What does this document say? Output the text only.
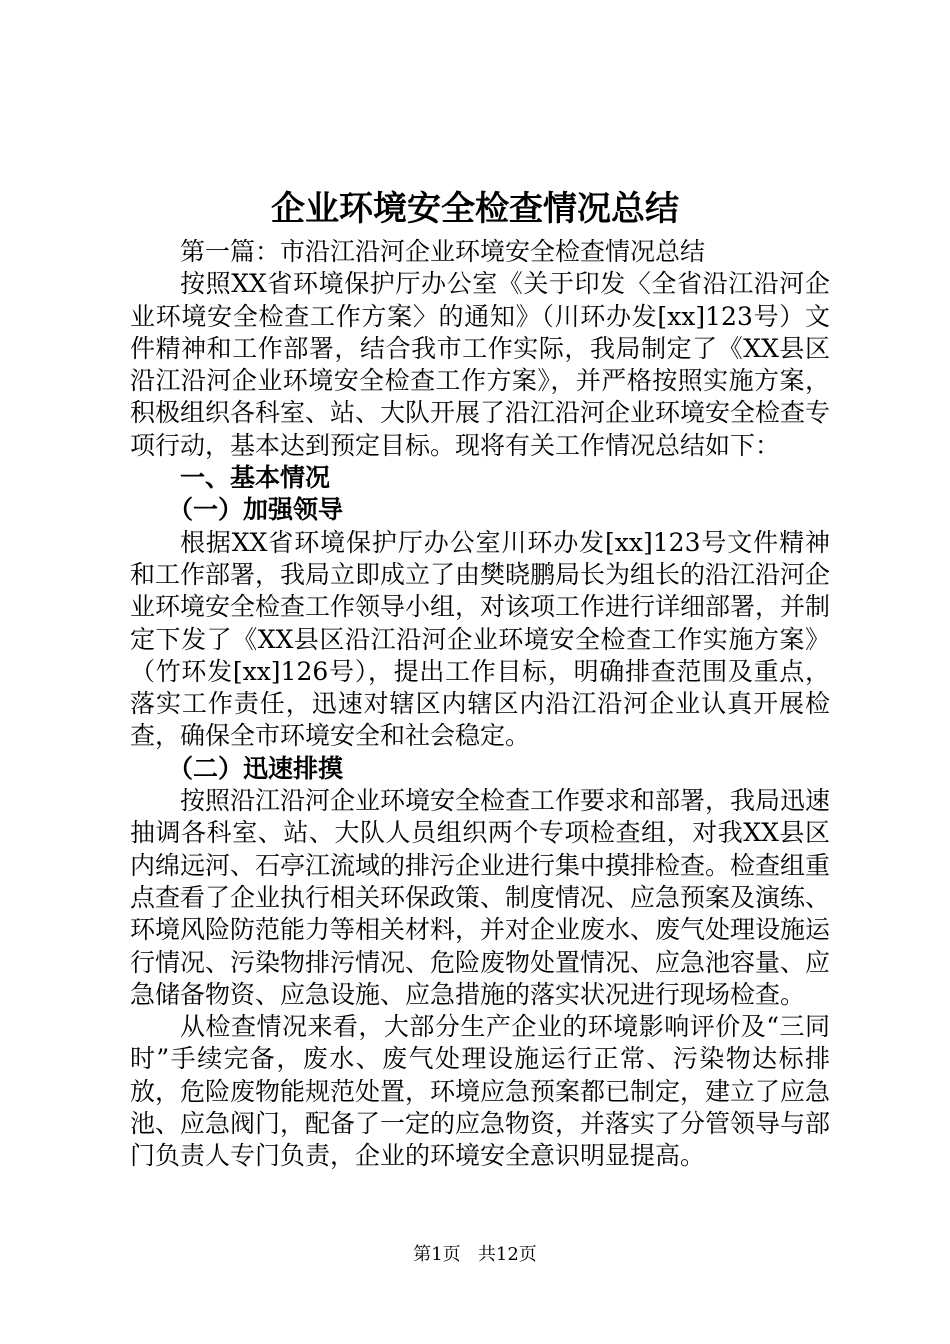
企业环境安全检查情况总结

第一篇：市沿江沿河企业环境安全检查情况总结

按照XX省环境保护厅办公室《关于印发〈全省沿江沿河企业环境安全检查工作方案〉的通知》（川环办发[xx]123号）文件精神和工作部署，结合我市工作实际，我局制定了《XX县区沿江沿河企业环境安全检查工作方案》，并严格按照实施方案，积极组织各科室、站、大队开展了沿江沿河企业环境安全检查专项行动，基本达到预定目标。现将有关工作情况总结如下：

一、基本情况

（一）加强领导

根据XX省环境保护厅办公室川环办发[xx]123号文件精神和工作部署，我局立即成立了由樊晓鹏局长为组长的沿江沿河企业环境安全检查工作领导小组，对该项工作进行详细部署，并制定下发了《XX县区沿江沿河企业环境安全检查工作实施方案》（竹环发[xx]126号），提出工作目标，明确排查范围及重点，落实工作责任，迅速对辖区内辖区内沿江沿河企业认真开展检查，确保全市环境安全和社会稳定。

（二）迅速排摸

按照沿江沿河企业环境安全检查工作要求和部署，我局迅速抽调各科室、站、大队人员组织两个专项检查组，对我XX县区内绵远河、石亭江流域的排污企业进行集中摸排检查。检查组重点查看了企业执行相关环保政策、制度情况、应急预案及演练、环境风险防范能力等相关材料，并对企业废水、废气处理设施运行情况、污染物排污情况、危险废物处置情况、应急池容量、应急储备物资、应急设施、应急措施的落实状况进行现场检查。

从检查情况来看，大部分生产企业的环境影响评价及“三同时”手续完备，废水、废气处理设施运行正常、污染物达标排放，危险废物能规范处置，环境应急预案都已制定，建立了应急池、应急阀门，配备了一定的应急物资，并落实了分管领导与部门负责人专门负责，企业的环境安全意识明显提高。

第1页 共12页
